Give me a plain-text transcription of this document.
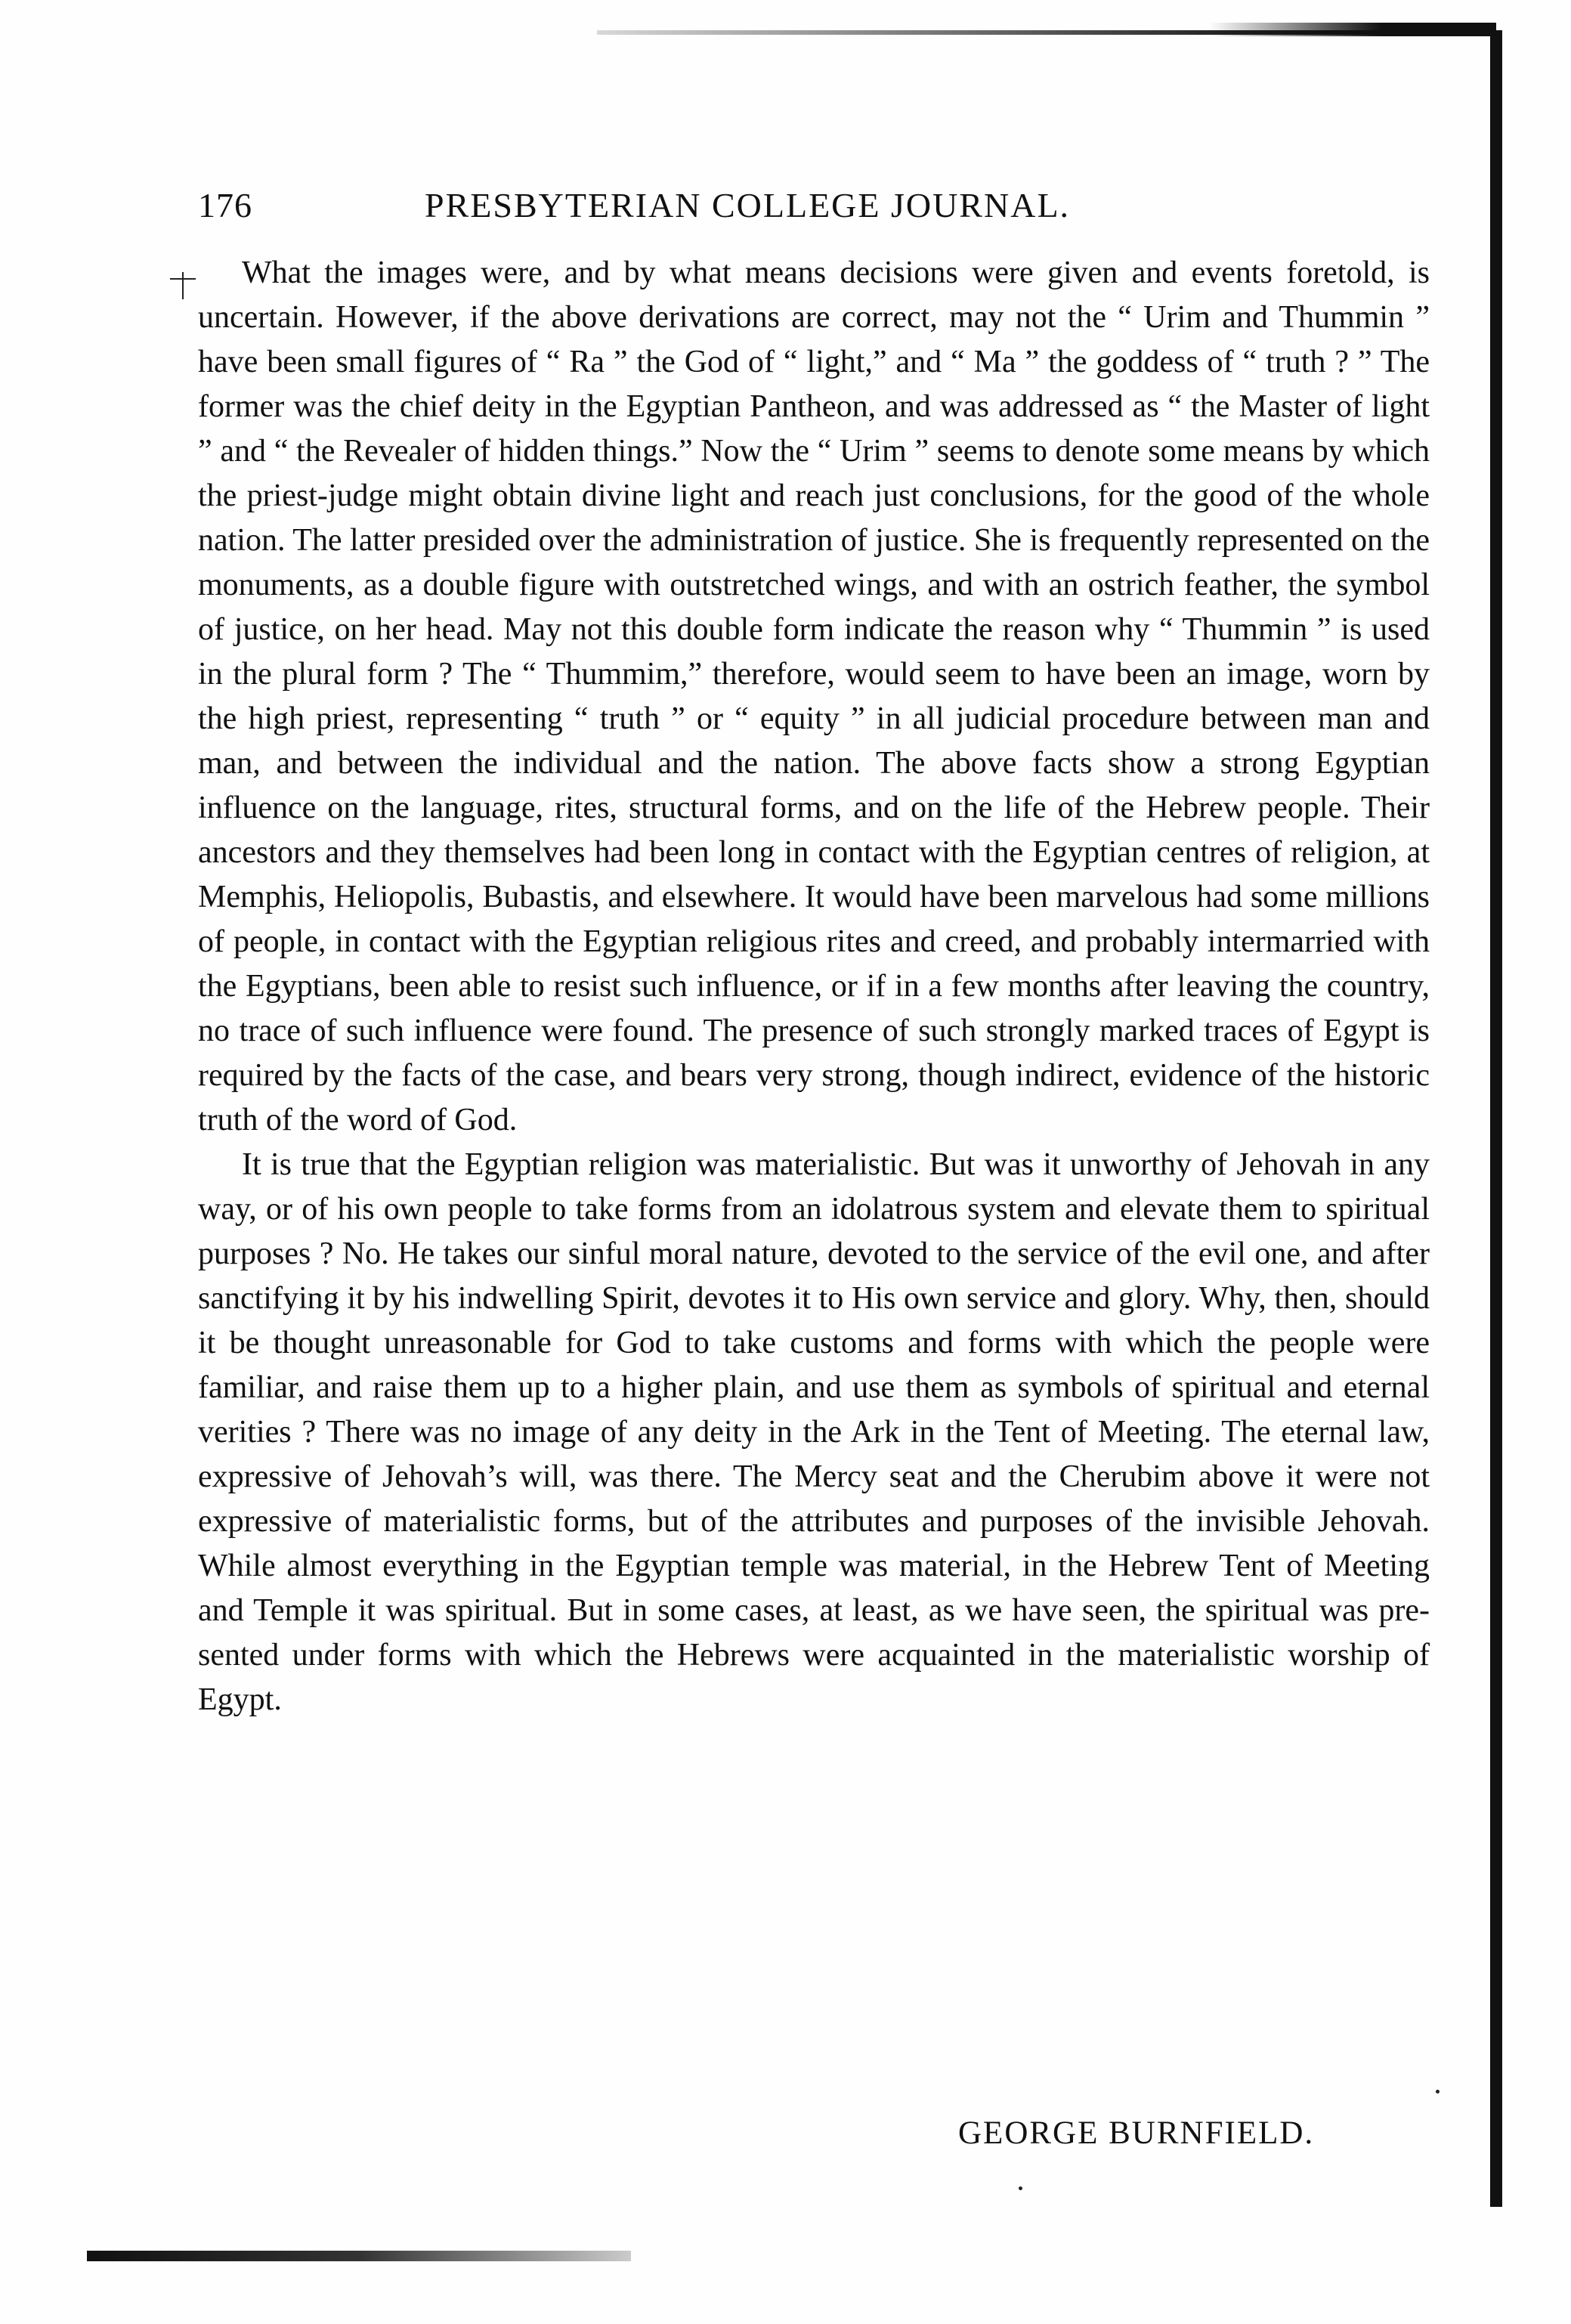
176	PRESBYTERIAN COLLEGE JOURNAL.

What the images were, and by what means decisions were given and events foretold, is uncertain. However, if the above derivations are correct, may not the “ Urim and Thummin ” have been small figures of “ Ra ” the God of “ light,” and “ Ma ” the goddess of “ truth ? ” The former was the chief deity in the Egyptian Pantheon, and was addressed as “ the Master of light ” and “ the Revealer of hidden things.” Now the “ Urim ” seems to denote some means by which the priest-judge might obtain divine light and reach just conclusions, for the good of the whole nation. The latter presided over the administration of justice. She is frequently represented on the monuments, as a double figure with outstretched wings, and with an ostrich feather, the symbol of justice, on her head. May not this double form indicate the reason why “ Thummin ” is used in the plural form ? The “ Thummim,” therefore, would seem to have been an image, worn by the high priest, representing “ truth ” or “ equity ” in all judicial procedure between man and man, and between the individual and the nation. The above facts show a strong Egyptian influence on the language, rites, structural forms, and on the life of the Hebrew people. Their ancestors and they themselves had been long in contact with the Egyptian centres of religion, at Memphis, Heliopolis, Bubastis, and elsewhere. It would have been marvelous had some millions of people, in contact with the Egyptian religious rites and creed, and probably intermarried with the Egyptians, been able to resist such influence, or if in a few months after leaving the country, no trace of such influence were found. The presence of such strongly marked traces of Egypt is required by the facts of the case, and bears very strong, though indirect, evidence of the historic truth of the word of God.

It is true that the Egyptian religion was materialistic. But was it unworthy of Jehovah in any way, or of his own people to take forms from an idolatrous system and elevate them to spiritual purposes ? No. He takes our sinful moral nature, devoted to the service of the evil one, and after sanctifying it by his indwelling Spirit, devotes it to His own service and glory. Why, then, should it be thought unreasonable for God to take customs and forms with which the people were familiar, and raise them up to a higher plain, and use them as symbols of spiritual and eternal verities ? There was no image of any deity in the Ark in the Tent of Meeting. The eternal law, expressive of Jehovah’s will, was there. The Mercy seat and the Cherubim above it were not expressive of materialistic forms, but of the attributes and purposes of the invisible Jehovah. While almost everything in the Egyptian temple was material, in the Hebrew Tent of Meeting and Temple it was spiritual. But in some cases, at least, as we have seen, the spiritual was presented under forms with which the Hebrews were acquainted in the materialistic worship of Egypt.

GEORGE BURNFIELD.
